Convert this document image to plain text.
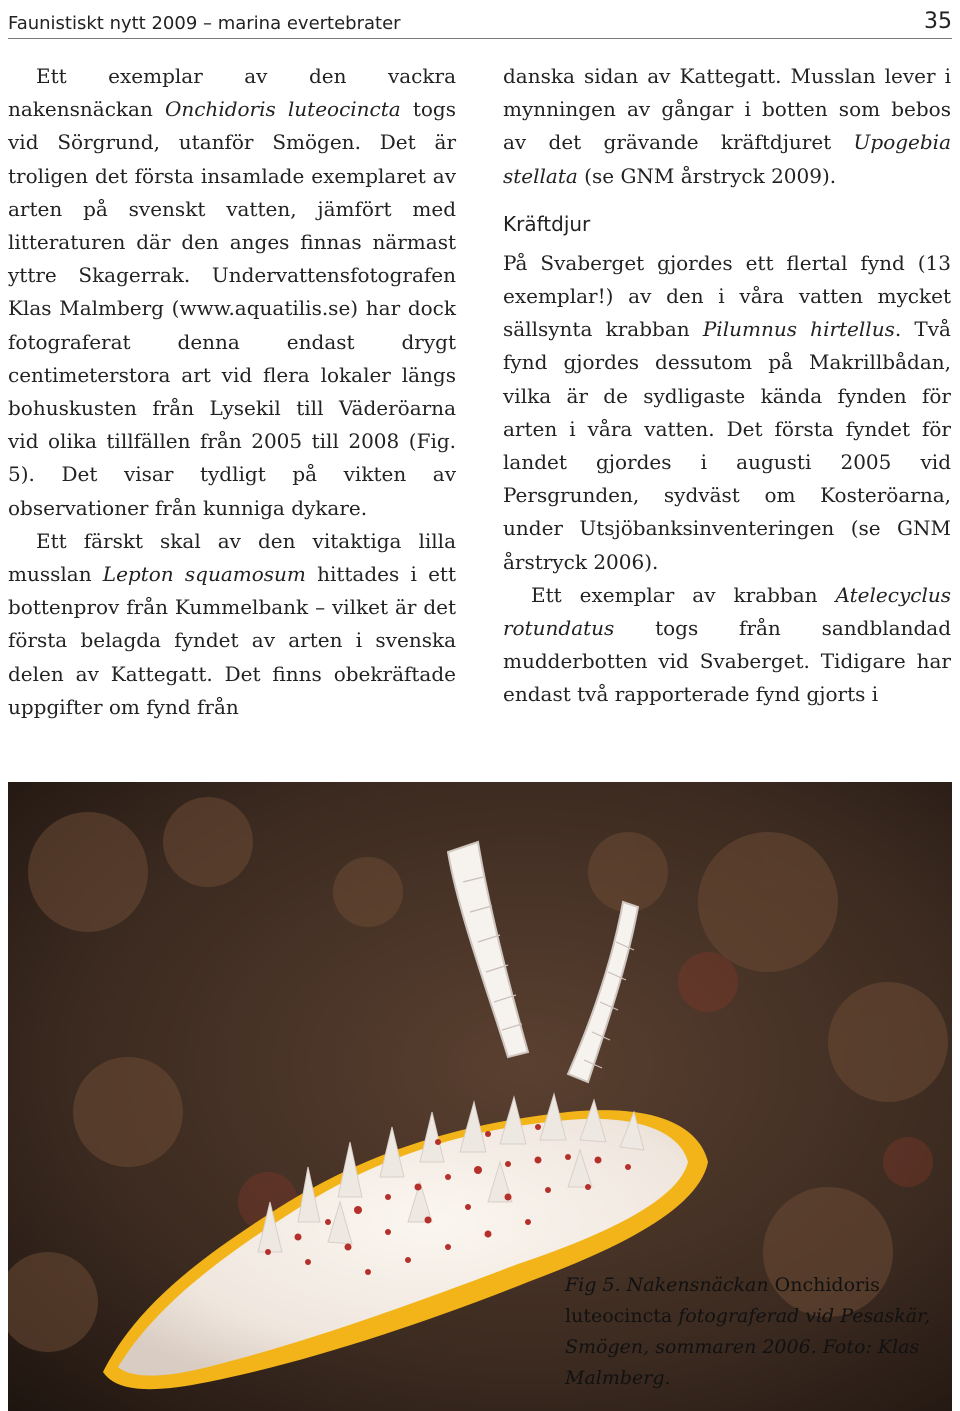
Faunistiskt nytt 2009 – marina evertebrater	35

Ett exemplar av den vackra nakensnäckan Onchidoris luteocincta togs vid Sörgrund, utanför Smögen. Det är troligen det första insamlade exemplaret av arten på svenskt vatten, jämfört med litteraturen där den anges finnas närmast yttre Skagerrak. Undervattensfotografen Klas Malmberg (www.aquatilis.se) har dock fotograferat denna endast drygt centimeterstora art vid flera lokaler längs bohuskusten från Lysekil till Väderöarna vid olika tillfällen från 2005 till 2008 (Fig. 5). Det visar tydligt på vikten av observationer från kunniga dykare.

Ett färskt skal av den vitaktiga lilla musslan Lepton squamosum hittades i ett bottenprov från Kummelbank – vilket är det första belagda fyndet av arten i svenska delen av Kattegatt. Det finns obekräftade uppgifter om fynd från

danska sidan av Kattegatt. Musslan lever i mynningen av gångar i botten som bebos av det grävande kräftdjuret Upogebia stellata (se GNM årstryck 2009).

Kräftdjur

På Svaberget gjordes ett flertal fynd (13 exemplar!) av den i våra vatten mycket sällsynta krabban Pilumnus hirtellus. Två fynd gjordes dessutom på Makrillbådan, vilka är de sydligaste kända fynden för arten i våra vatten. Det första fyndet för landet gjordes i augusti 2005 vid Persgrunden, sydväst om Kosteröarna, under Utsjöbanksinventeringen (se GNM årstryck 2006).

Ett exemplar av krabban Atelecyclus rotundatus togs från sandblandad mudderbotten vid Svaberget. Tidigare har endast två rapporterade fynd gjorts i

Fig 5. Nakensnäckan Onchidoris luteocincta fotograferad vid Pesaskär, Smögen, sommaren 2006. Foto: Klas Malmberg.
